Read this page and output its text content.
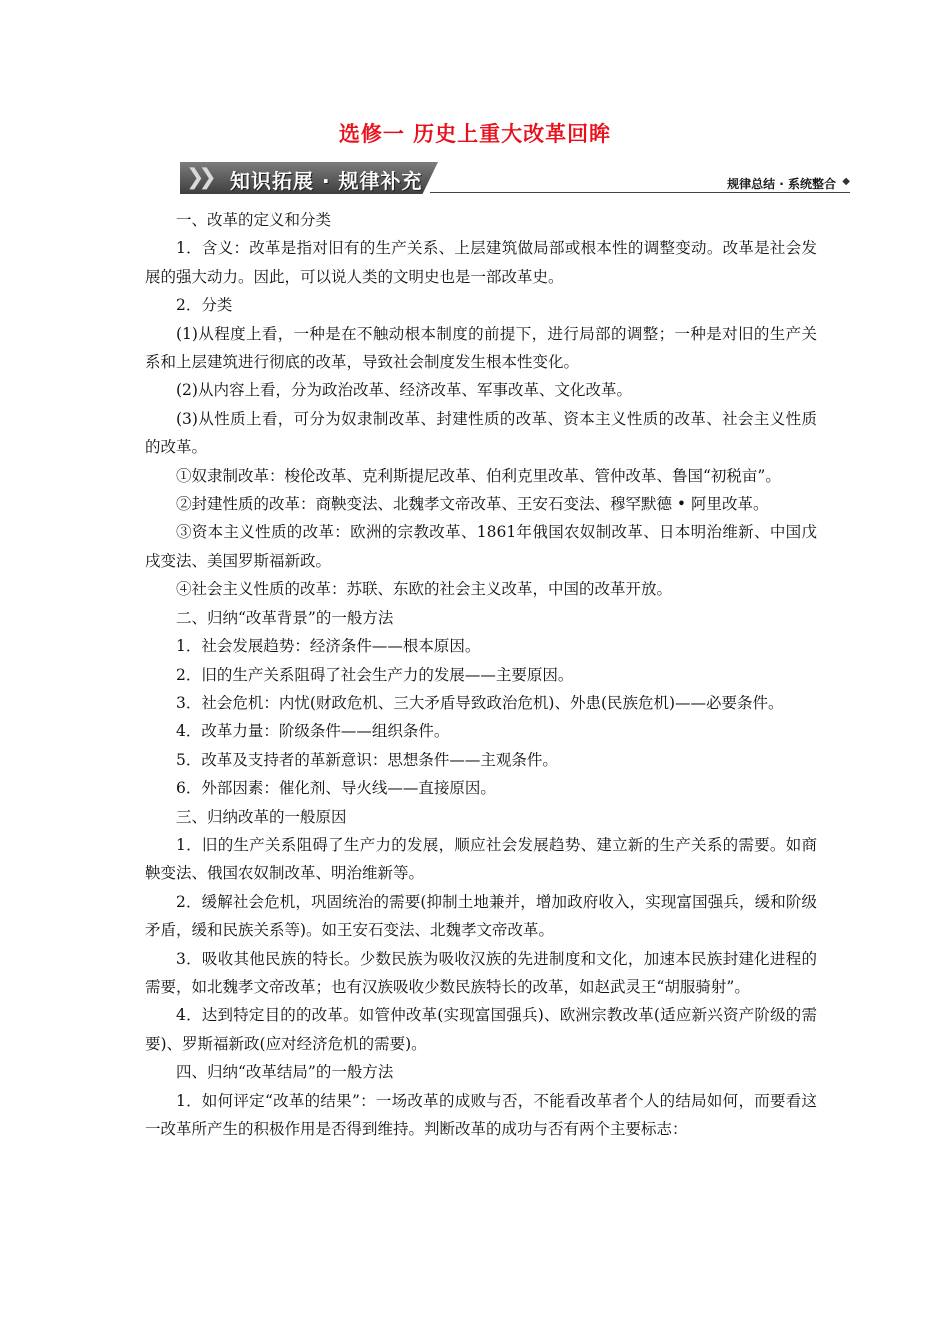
选修一 历史上重大改革回眸
❯❯ 知识拓展 · 规律补充	规律总结 · 系统整合 ◆

一、改革的定义和分类

1．含义：改革是指对旧有的生产关系、上层建筑做局部或根本性的调整变动。改革是社会发展的强大动力。因此，可以说人类的文明史也是一部改革史。

2．分类

(1)从程度上看，一种是在不触动根本制度的前提下，进行局部的调整；一种是对旧的生产关系和上层建筑进行彻底的改革，导致社会制度发生根本性变化。

(2)从内容上看，分为政治改革、经济改革、军事改革、文化改革。

(3)从性质上看，可分为奴隶制改革、封建性质的改革、资本主义性质的改革、社会主义性质的改革。

①奴隶制改革：梭伦改革、克利斯提尼改革、伯利克里改革、管仲改革、鲁国“初税亩”。

②封建性质的改革：商鞅变法、北魏孝文帝改革、王安石变法、穆罕默德 • 阿里改革。

③资本主义性质的改革：欧洲的宗教改革、1861年俄国农奴制改革、日本明治维新、中国戊戌变法、美国罗斯福新政。

④社会主义性质的改革：苏联、东欧的社会主义改革，中国的改革开放。

二、归纳“改革背景”的一般方法

1．社会发展趋势：经济条件——根本原因。

2．旧的生产关系阻碍了社会生产力的发展——主要原因。

3．社会危机：内忧(财政危机、三大矛盾导致政治危机)、外患(民族危机)——必要条件。

4．改革力量：阶级条件——组织条件。

5．改革及支持者的革新意识：思想条件——主观条件。

6．外部因素：催化剂、导火线——直接原因。

三、归纳改革的一般原因

1．旧的生产关系阻碍了生产力的发展，顺应社会发展趋势、建立新的生产关系的需要。如商鞅变法、俄国农奴制改革、明治维新等。

2．缓解社会危机，巩固统治的需要(抑制土地兼并，增加政府收入，实现富国强兵，缓和阶级矛盾，缓和民族关系等)。如王安石变法、北魏孝文帝改革。

3．吸收其他民族的特长。少数民族为吸收汉族的先进制度和文化，加速本民族封建化进程的需要，如北魏孝文帝改革；也有汉族吸收少数民族特长的改革，如赵武灵王“胡服骑射”。

4．达到特定目的的改革。如管仲改革(实现富国强兵)、欧洲宗教改革(适应新兴资产阶级的需要)、罗斯福新政(应对经济危机的需要)。

四、归纳“改革结局”的一般方法

1．如何评定“改革的结果”：一场改革的成败与否，不能看改革者个人的结局如何，而要看这一改革所产生的积极作用是否得到维持。判断改革的成功与否有两个主要标志：
